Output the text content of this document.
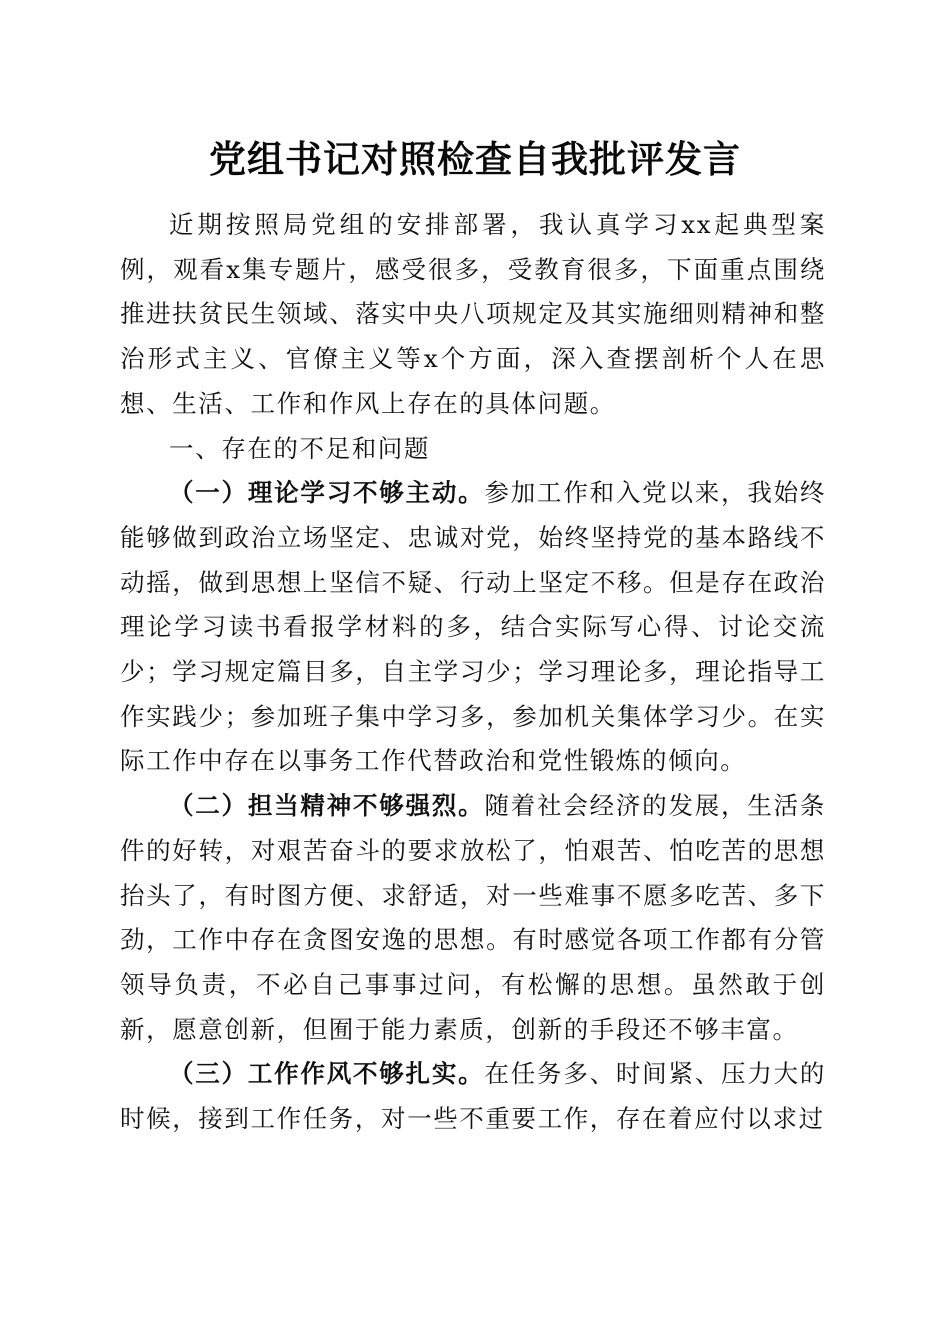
党组书记对照检查自我批评发言

近期按照局党组的安排部署，我认真学习xx起典型案例，观看x集专题片，感受很多，受教育很多，下面重点围绕推进扶贫民生领域、落实中央八项规定及其实施细则精神和整治形式主义、官僚主义等x个方面，深入查摆剖析个人在思想、生活、工作和作风上存在的具体问题。

一、存在的不足和问题

（一）理论学习不够主动。参加工作和入党以来，我始终能够做到政治立场坚定、忠诚对党，始终坚持党的基本路线不动摇，做到思想上坚信不疑、行动上坚定不移。但是存在政治理论学习读书看报学材料的多，结合实际写心得、讨论交流少；学习规定篇目多，自主学习少；学习理论多，理论指导工作实践少；参加班子集中学习多，参加机关集体学习少。在实际工作中存在以事务工作代替政治和党性锻炼的倾向。

（二）担当精神不够强烈。随着社会经济的发展，生活条件的好转，对艰苦奋斗的要求放松了，怕艰苦、怕吃苦的思想抬头了，有时图方便、求舒适，对一些难事不愿多吃苦、多下劲，工作中存在贪图安逸的思想。有时感觉各项工作都有分管领导负责，不必自己事事过问，有松懈的思想。虽然敢于创新，愿意创新，但囿于能力素质，创新的手段还不够丰富。

（三）工作作风不够扎实。在任务多、时间紧、压力大的时候，接到工作任务，对一些不重要工作，存在着应付以求过
